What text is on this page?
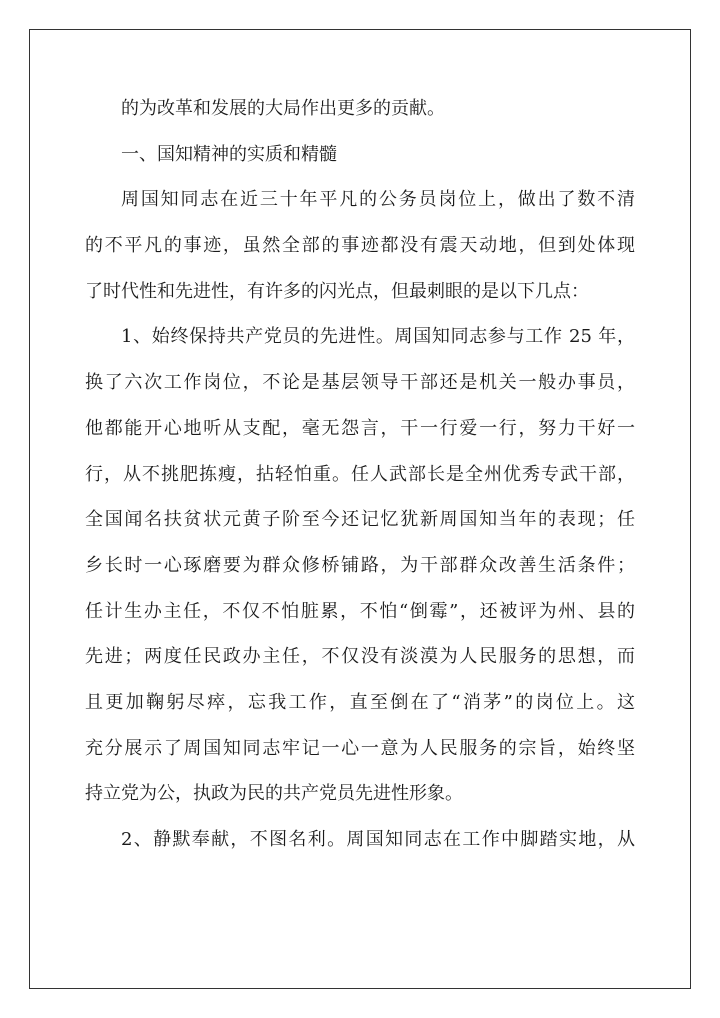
的为改革和发展的大局作出更多的贡献。
一、国知精神的实质和精髓
周国知同志在近三十年平凡的公务员岗位上，做出了数不清
的不平凡的事迹，虽然全部的事迹都没有震天动地，但到处体现
了时代性和先进性，有许多的闪光点，但最刺眼的是以下几点：
1、始终保持共产党员的先进性。周国知同志参与工作 25 年，
换了六次工作岗位，不论是基层领导干部还是机关一般办事员，
他都能开心地听从支配，毫无怨言，干一行爱一行，努力干好一
行，从不挑肥拣瘦，拈轻怕重。任人武部长是全州优秀专武干部，
全国闻名扶贫状元黄子阶至今还记忆犹新周国知当年的表现；任
乡长时一心琢磨要为群众修桥铺路，为干部群众改善生活条件；
任计生办主任，不仅不怕脏累，不怕“倒霉”，还被评为州、县的
先进；两度任民政办主任，不仅没有淡漠为人民服务的思想，而
且更加鞠躬尽瘁，忘我工作，直至倒在了“消茅”的岗位上。这
充分展示了周国知同志牢记一心一意为人民服务的宗旨，始终坚
持立党为公，执政为民的共产党员先进性形象。
2、静默奉献，不图名利。周国知同志在工作中脚踏实地，从
